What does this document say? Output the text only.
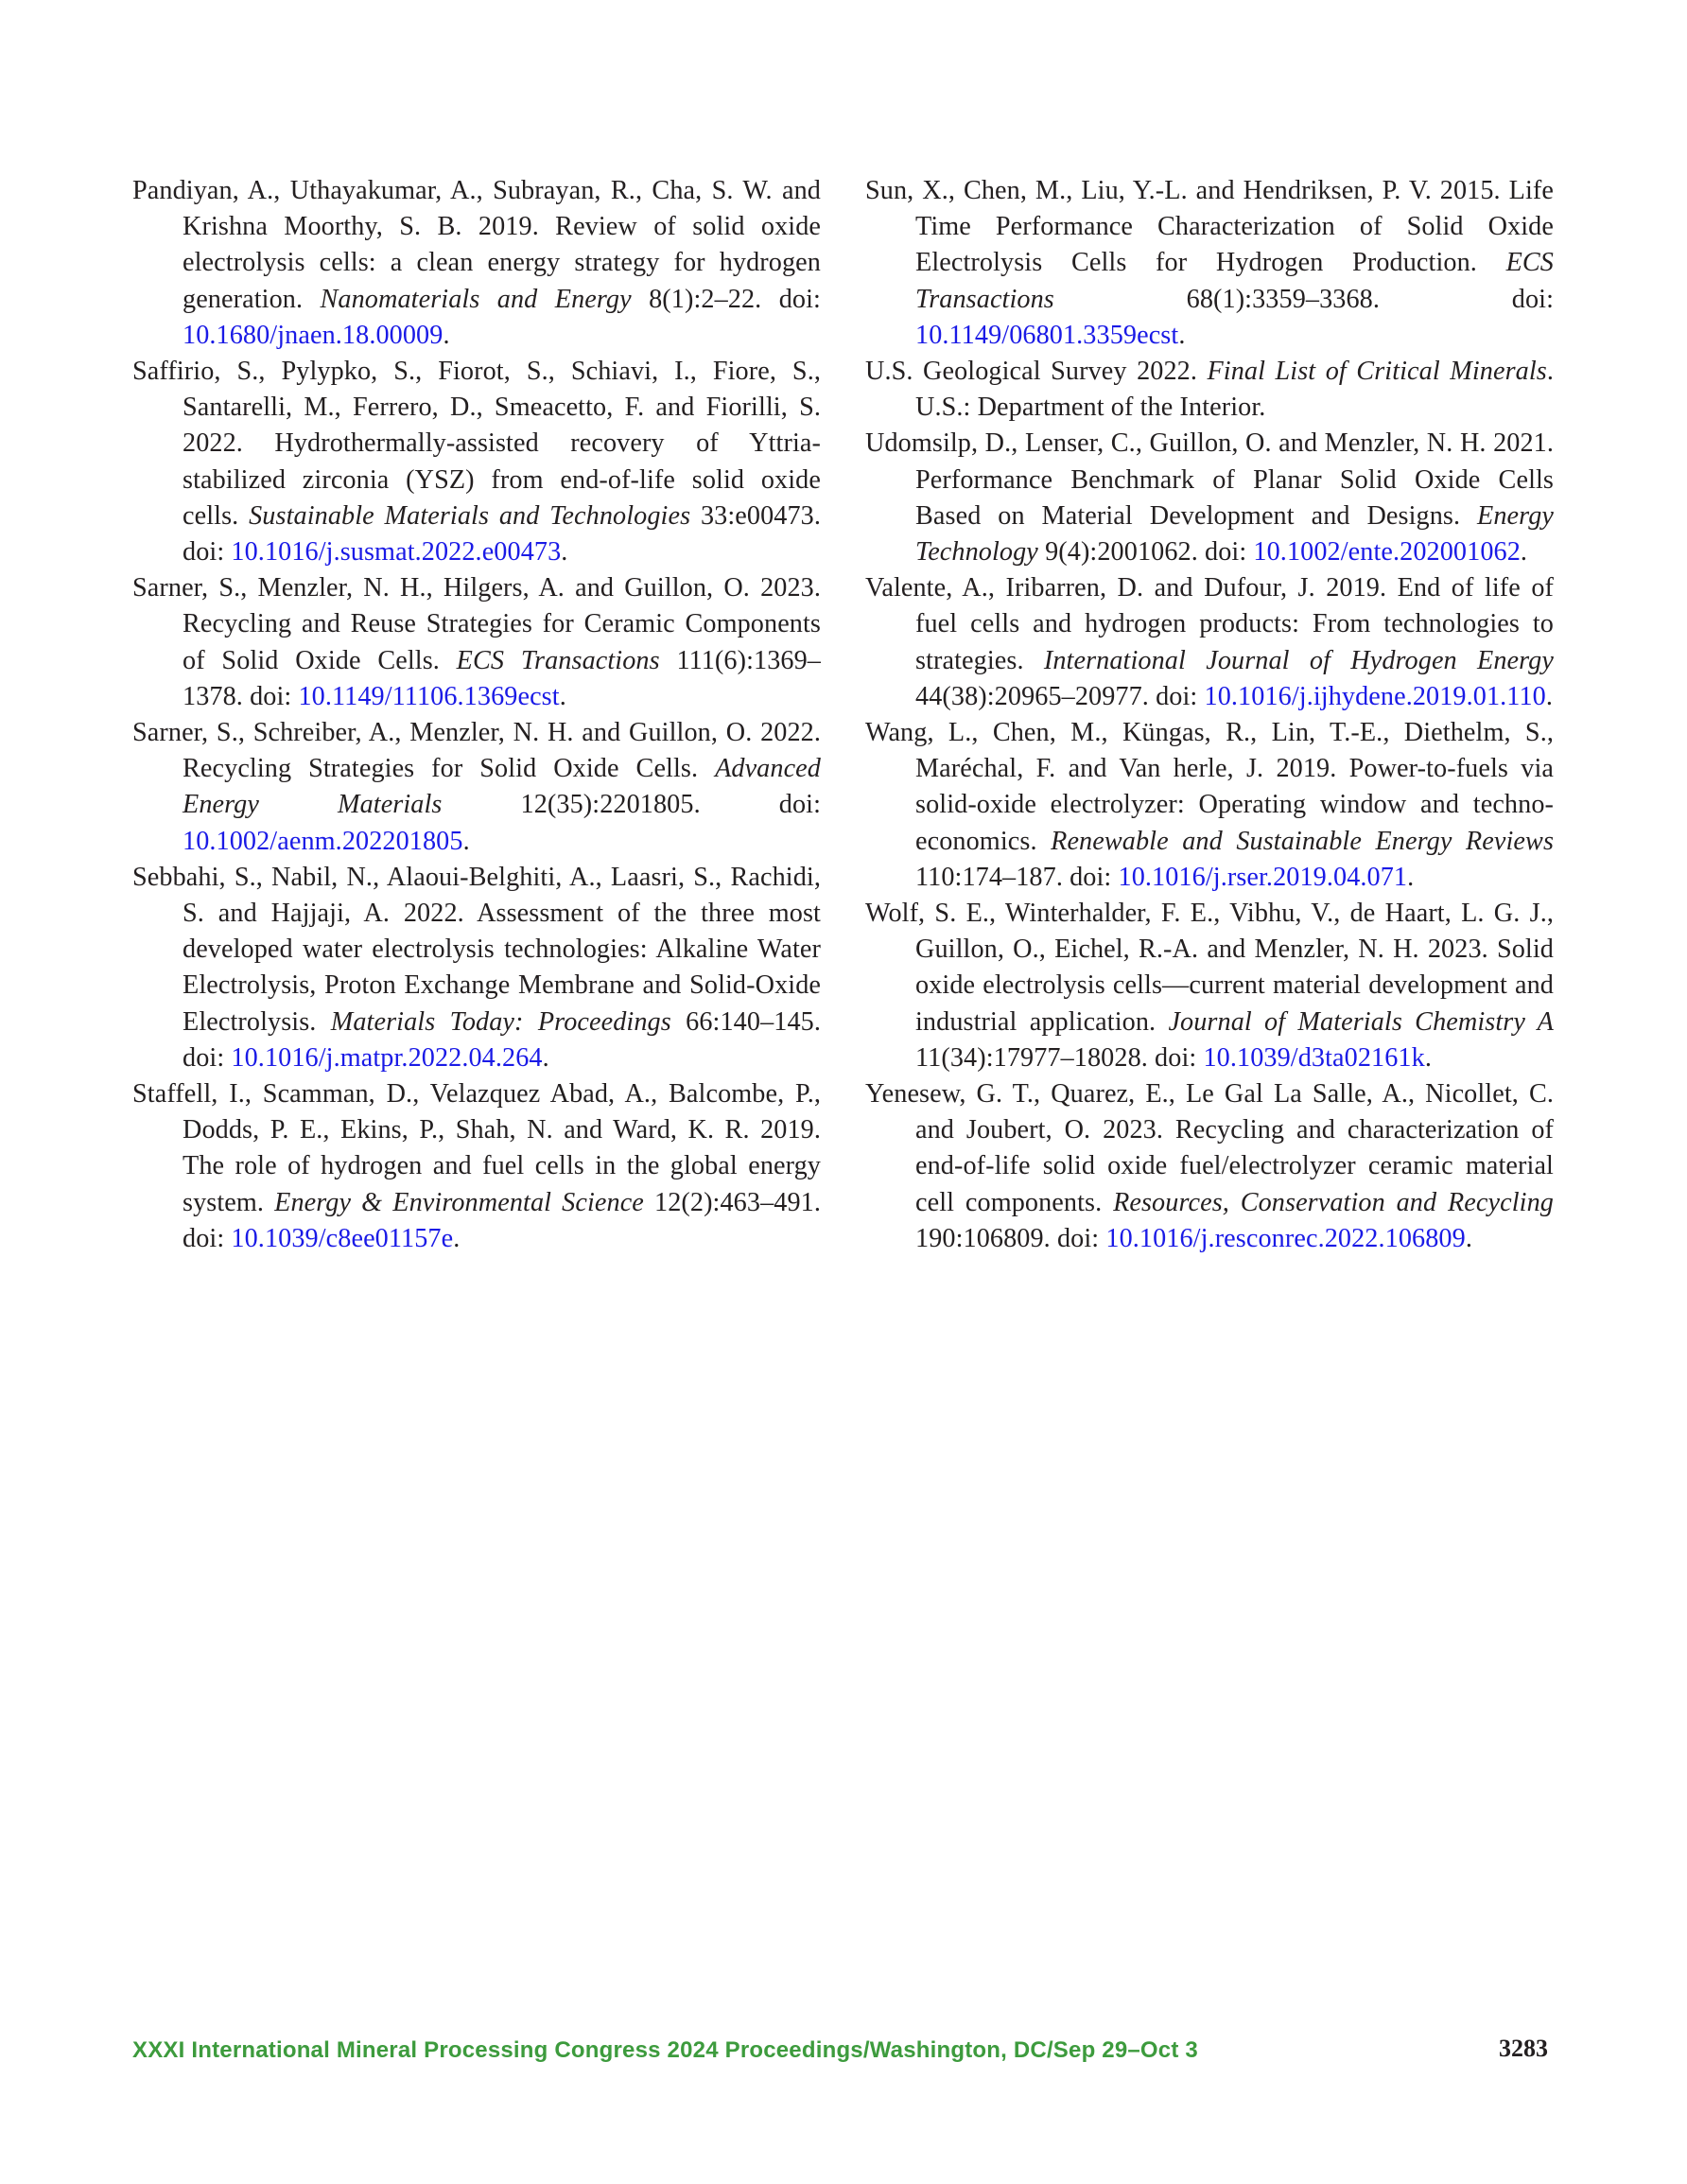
Pandiyan, A., Uthayakumar, A., Subrayan, R., Cha, S. W. and Krishna Moorthy, S. B. 2019. Review of solid oxide electrolysis cells: a clean energy strategy for hydrogen generation. Nanomaterials and Energy 8(1):2–22. doi: 10.1680/jnaen.18.00009.

Saffirio, S., Pylypko, S., Fiorot, S., Schiavi, I., Fiore, S., Santarelli, M., Ferrero, D., Smeacetto, F. and Fiorilli, S. 2022. Hydrothermally-assisted recovery of Yttria-stabilized zirconia (YSZ) from end-of-life solid oxide cells. Sustainable Materials and Technologies 33:e00473. doi: 10.1016/j.susmat.2022.e00473.

Sarner, S., Menzler, N. H., Hilgers, A. and Guillon, O. 2023. Recycling and Reuse Strategies for Ceramic Components of Solid Oxide Cells. ECS Transactions 111(6):1369–1378. doi: 10.1149/11106.1369ecst.

Sarner, S., Schreiber, A., Menzler, N. H. and Guillon, O. 2022. Recycling Strategies for Solid Oxide Cells. Advanced Energy Materials 12(35):2201805. doi: 10.1002/aenm.202201805.

Sebbahi, S., Nabil, N., Alaoui-Belghiti, A., Laasri, S., Rachidi, S. and Hajjaji, A. 2022. Assessment of the three most developed water electrolysis technologies: Alkaline Water Electrolysis, Proton Exchange Membrane and Solid-Oxide Electrolysis. Materials Today: Proceedings 66:140–145. doi: 10.1016/j.matpr.2022.04.264.

Staffell, I., Scamman, D., Velazquez Abad, A., Balcombe, P., Dodds, P. E., Ekins, P., Shah, N. and Ward, K. R. 2019. The role of hydrogen and fuel cells in the global energy system. Energy & Environmental Science 12(2):463–491. doi: 10.1039/c8ee01157e.

Sun, X., Chen, M., Liu, Y.-L. and Hendriksen, P. V. 2015. Life Time Performance Characterization of Solid Oxide Electrolysis Cells for Hydrogen Production. ECS Transactions 68(1):3359–3368. doi: 10.1149/06801.3359ecst.

U.S. Geological Survey 2022. Final List of Critical Minerals. U.S.: Department of the Interior.

Udomsilp, D., Lenser, C., Guillon, O. and Menzler, N. H. 2021. Performance Benchmark of Planar Solid Oxide Cells Based on Material Development and Designs. Energy Technology 9(4):2001062. doi: 10.1002/ente.202001062.

Valente, A., Iribarren, D. and Dufour, J. 2019. End of life of fuel cells and hydrogen products: From technologies to strategies. International Journal of Hydrogen Energy 44(38):20965–20977. doi: 10.1016/j.ijhydene.2019.01.110.

Wang, L., Chen, M., Küngas, R., Lin, T.-E., Diethelm, S., Maréchal, F. and Van herle, J. 2019. Power-to-fuels via solid-oxide electrolyzer: Operating window and techno-economics. Renewable and Sustainable Energy Reviews 110:174–187. doi: 10.1016/j.rser.2019.04.071.

Wolf, S. E., Winterhalder, F. E., Vibhu, V., de Haart, L. G. J., Guillon, O., Eichel, R.-A. and Menzler, N. H. 2023. Solid oxide electrolysis cells—current material development and industrial application. Journal of Materials Chemistry A 11(34):17977–18028. doi: 10.1039/d3ta02161k.

Yenesew, G. T., Quarez, E., Le Gal La Salle, A., Nicollet, C. and Joubert, O. 2023. Recycling and characterization of end-of-life solid oxide fuel/electrolyzer ceramic material cell components. Resources, Conservation and Recycling 190:106809. doi: 10.1016/j.resconrec.2022.106809.

XXXI International Mineral Processing Congress 2024 Proceedings/Washington, DC/Sep 29–Oct 3	3283
